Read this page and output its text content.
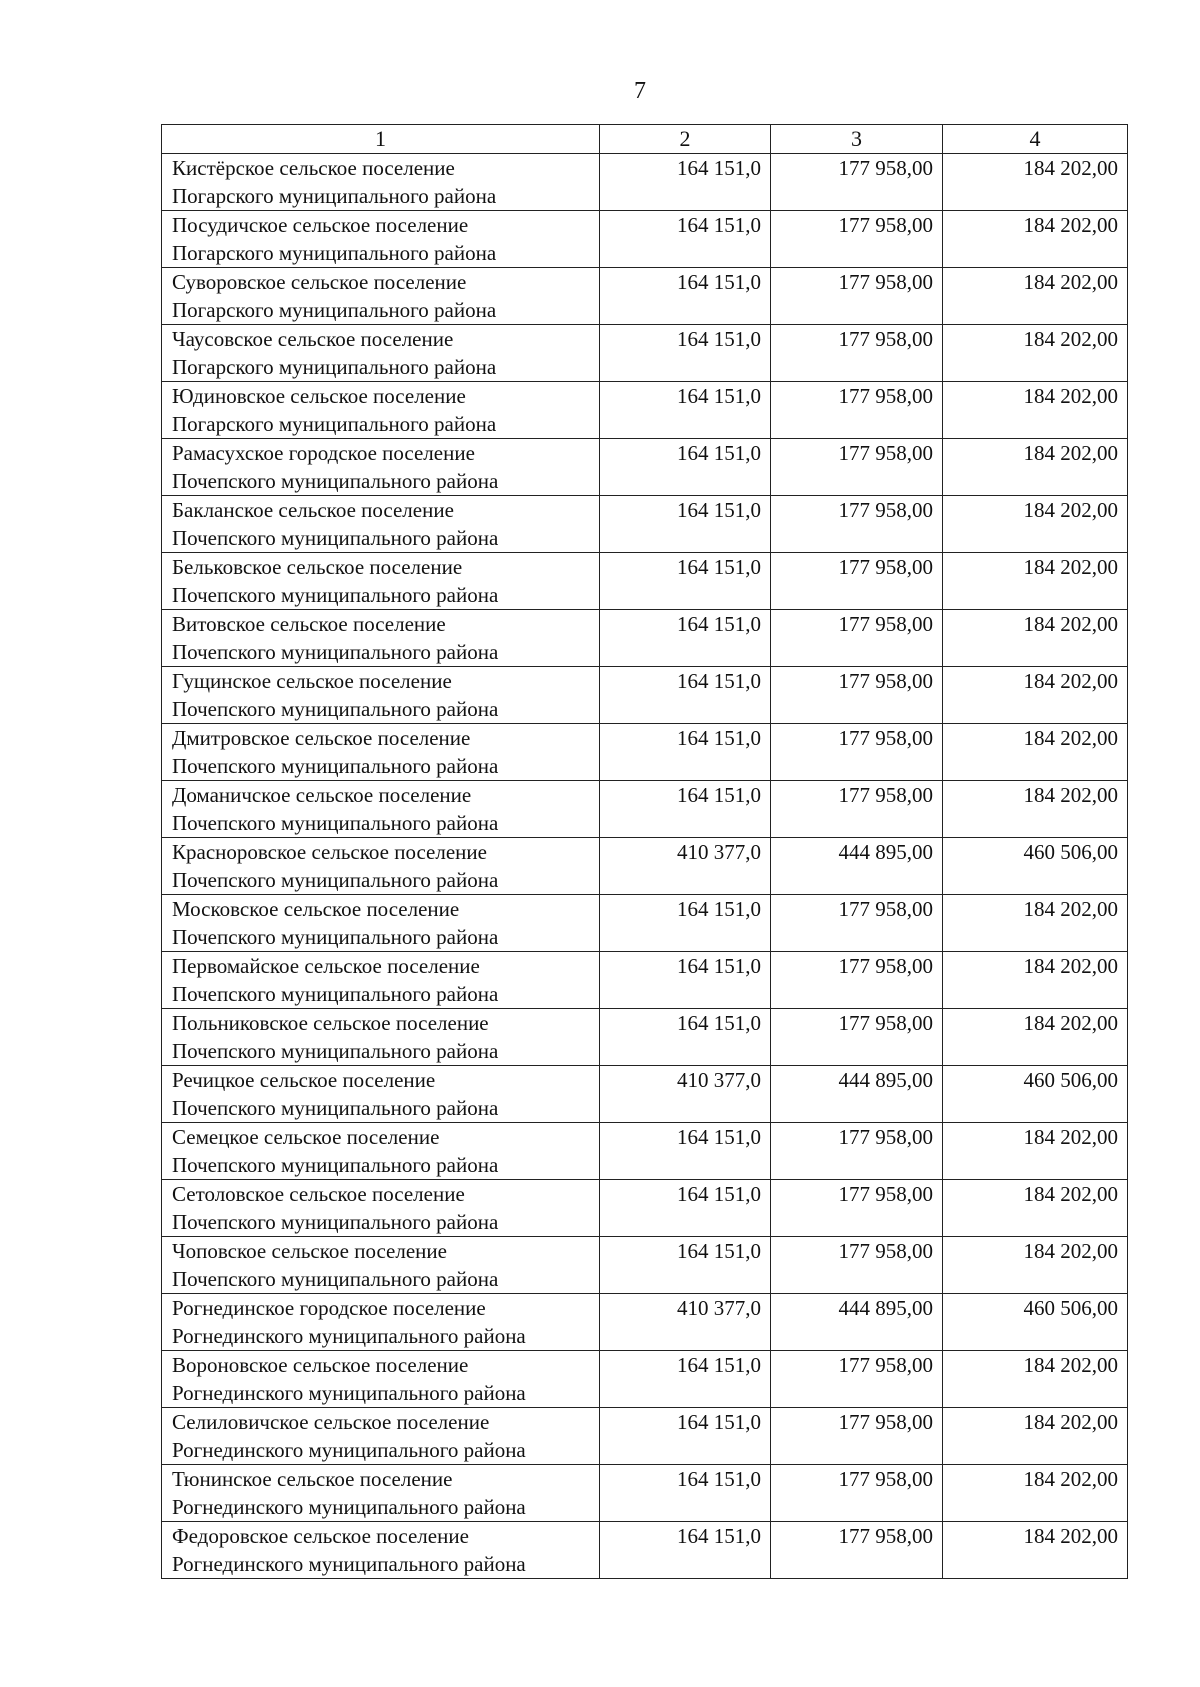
7
1	2	3	4

Кистёрское сельское поселение
Погарского муниципального района	164 151,0	177 958,00	184 202,00

Посудичское сельское поселение
Погарского муниципального района	164 151,0	177 958,00	184 202,00

Суворовское сельское поселение
Погарского муниципального района	164 151,0	177 958,00	184 202,00

Чаусовское сельское поселение
Погарского муниципального района	164 151,0	177 958,00	184 202,00

Юдиновское сельское поселение
Погарского муниципального района	164 151,0	177 958,00	184 202,00

Рамасухское городское поселение
Почепского муниципального района	164 151,0	177 958,00	184 202,00

Бакланское сельское поселение
Почепского муниципального района	164 151,0	177 958,00	184 202,00

Бельковское сельское поселение
Почепского муниципального района	164 151,0	177 958,00	184 202,00

Витовское сельское поселение
Почепского муниципального района	164 151,0	177 958,00	184 202,00

Гущинское сельское поселение
Почепского муниципального района	164 151,0	177 958,00	184 202,00

Дмитровское сельское поселение
Почепского муниципального района	164 151,0	177 958,00	184 202,00

Доманичское сельское поселение
Почепского муниципального района	164 151,0	177 958,00	184 202,00

Красноровское сельское поселение
Почепского муниципального района	410 377,0	444 895,00	460 506,00

Московское сельское поселение
Почепского муниципального района	164 151,0	177 958,00	184 202,00

Первомайское сельское поселение
Почепского муниципального района	164 151,0	177 958,00	184 202,00

Польниковское сельское поселение
Почепского муниципального района	164 151,0	177 958,00	184 202,00

Речицкое сельское поселение
Почепского муниципального района	410 377,0	444 895,00	460 506,00

Семецкое сельское поселение
Почепского муниципального района	164 151,0	177 958,00	184 202,00

Сетоловское сельское поселение
Почепского муниципального района	164 151,0	177 958,00	184 202,00

Чоповское сельское поселение
Почепского муниципального района	164 151,0	177 958,00	184 202,00

Рогнединское городское поселение
Рогнединского муниципального района	410 377,0	444 895,00	460 506,00

Вороновское сельское поселение
Рогнединского муниципального района	164 151,0	177 958,00	184 202,00

Селиловичское сельское поселение
Рогнединского муниципального района	164 151,0	177 958,00	184 202,00

Тюнинское сельское поселение
Рогнединского муниципального района	164 151,0	177 958,00	184 202,00

Федоровское сельское поселение
Рогнединского муниципального района	164 151,0	177 958,00	184 202,00
